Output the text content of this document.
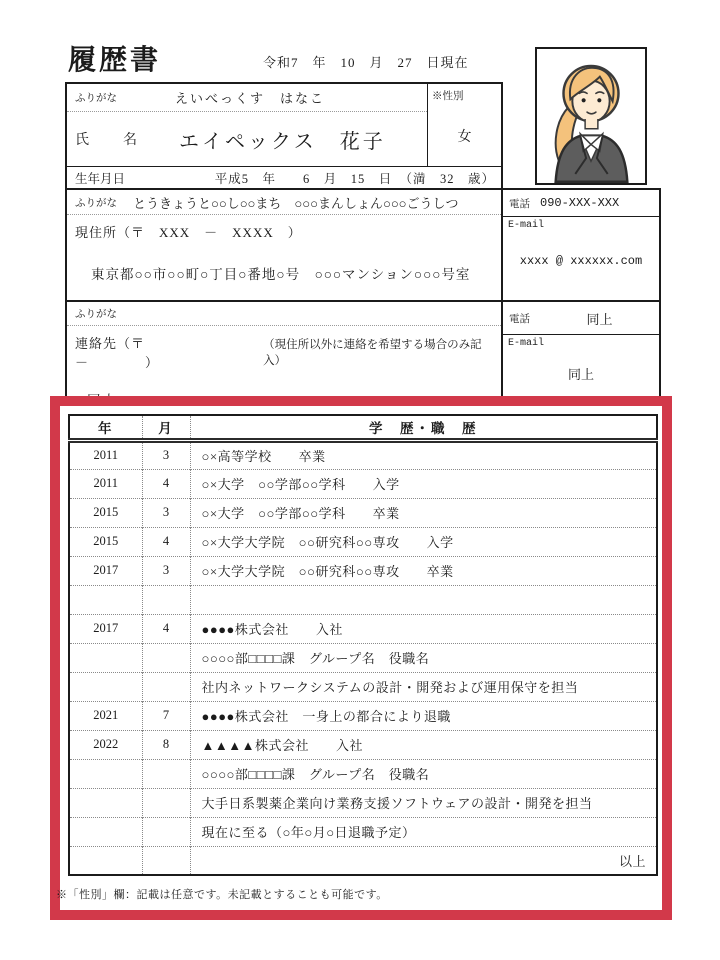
履歴書	令和7　年　10　月　27　日現在
ふりがな	えいべっくす　はなこ
氏　　名 エイペックス　花子
※性別
女
生年月日	平成5　年　　6　月　15　日　（満　32　歳）
ふりがな とうきょうと○○し○○まち　○○○まんしょん○○○ごうしつ
現住所（〒　XXX　－　XXXX　）
東京都○○市○○町○丁目○番地○号　○○○マンション○○○号室
電話 090-XXX-XXX
E-mail
xxxx @ xxxxxx.com
ふりがな
連絡先（〒　　　－　　　　）
（現住所以外に連絡を希望する場合のみ記入）
電話	同上
E-mail
同上
年	月	学　歴・職　歴
2011	3	○×高等学校　　卒業
2011	4	○×大学　○○学部○○学科　　入学
2015	3	○×大学　○○学部○○学科　　卒業
2015	4	○×大学大学院　○○研究科○○専攻　　入学
2017	3	○×大学大学院　○○研究科○○専攻　　卒業

2017	4	●●●●株式会社　　入社
		○○○○部□□□□課　グループ名　役職名
		社内ネットワークシステムの設計・開発および運用保守を担当
2021	7	●●●●株式会社　一身上の都合により退職
2022	8	▲▲▲▲株式会社　　入社
		○○○○部□□□□課　グループ名　役職名
		大手日系製薬企業向け業務支援ソフトウェアの設計・開発を担当
		現在に至る（○年○月○日退職予定）
		以上
※「性別」欄：記載は任意です。未記載とすることも可能です。
